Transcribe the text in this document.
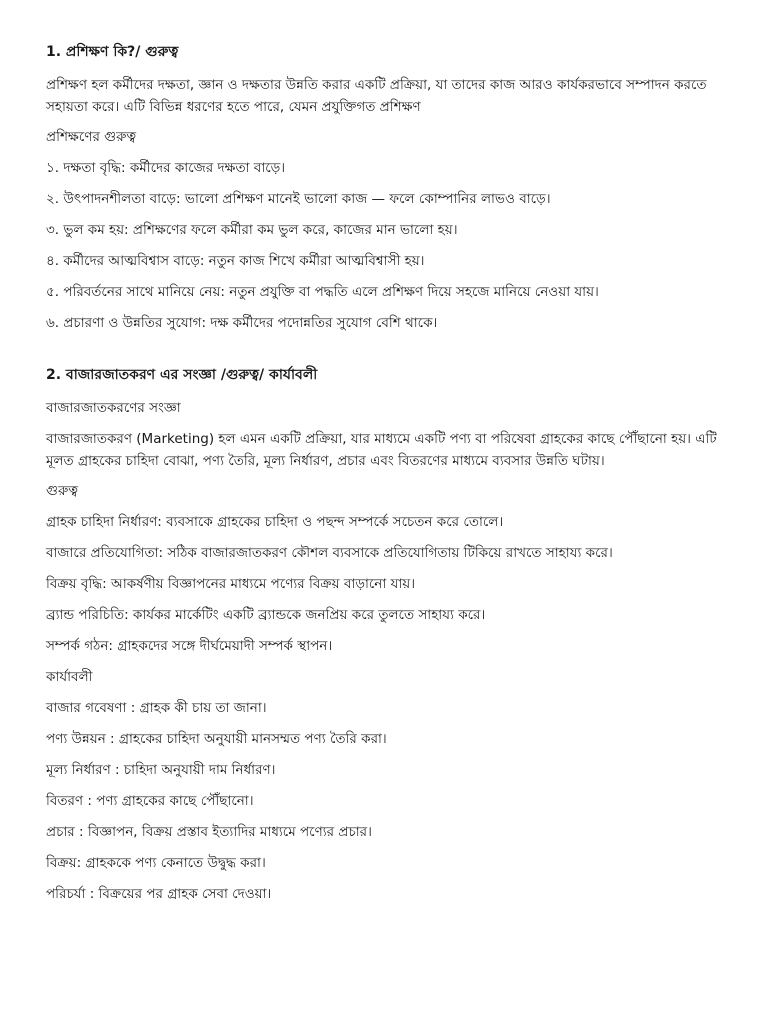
1. প্রশিক্ষণ কি?/ গুরুত্ব
প্রশিক্ষণ হল কর্মীদের দক্ষতা, জ্ঞান ও দক্ষতার উন্নতি করার একটি প্রক্রিয়া, যা তাদের কাজ আরও কার্যকরভাবে সম্পাদন করতে সহায়তা করে। এটি বিভিন্ন ধরণের হতে পারে, যেমন প্রযুক্তিগত প্রশিক্ষণ
প্রশিক্ষণের গুরুত্ব
১. দক্ষতা বৃদ্ধি: কর্মীদের কাজের দক্ষতা বাড়ে।
২. উৎপাদনশীলতা বাড়ে: ভালো প্রশিক্ষণ মানেই ভালো কাজ — ফলে কোম্পানির লাভও বাড়ে।
৩. ভুল কম হয়: প্রশিক্ষণের ফলে কর্মীরা কম ভুল করে, কাজের মান ভালো হয়।
৪. কর্মীদের আত্মবিশ্বাস বাড়ে: নতুন কাজ শিখে কর্মীরা আত্মবিশ্বাসী হয়।
৫. পরিবর্তনের সাথে মানিয়ে নেয়: নতুন প্রযুক্তি বা পদ্ধতি এলে প্রশিক্ষণ দিয়ে সহজে মানিয়ে নেওয়া যায়।
৬. প্রচারণা ও উন্নতির সুযোগ: দক্ষ কর্মীদের পদোন্নতির সুযোগ বেশি থাকে।
2. বাজারজাতকরণ এর সংজ্ঞা /গুরুত্ব/ কার্যাবলী
বাজারজাতকরণের সংজ্ঞা
বাজারজাতকরণ (Marketing) হল এমন একটি প্রক্রিয়া, যার মাধ্যমে একটি পণ্য বা পরিষেবা গ্রাহকের কাছে পৌঁছানো হয়। এটি মূলত গ্রাহকের চাহিদা বোঝা, পণ্য তৈরি, মূল্য নির্ধারণ, প্রচার এবং বিতরণের মাধ্যমে ব্যবসার উন্নতি ঘটায়।
গুরুত্ব
গ্রাহক চাহিদা নির্ধারণ: ব্যবসাকে গ্রাহকের চাহিদা ও পছন্দ সম্পর্কে সচেতন করে তোলে।
বাজারে প্রতিযোগিতা: সঠিক বাজারজাতকরণ কৌশল ব্যবসাকে প্রতিযোগিতায় টিকিয়ে রাখতে সাহায্য করে।
বিক্রয় বৃদ্ধি: আকর্ষণীয় বিজ্ঞাপনের মাধ্যমে পণ্যের বিক্রয় বাড়ানো যায়।
ব্র্যান্ড পরিচিতি: কার্যকর মার্কেটিং একটি ব্র্যান্ডকে জনপ্রিয় করে তুলতে সাহায্য করে।
সম্পর্ক গঠন: গ্রাহকদের সঙ্গে দীর্ঘমেয়াদী সম্পর্ক স্থাপন।
কার্যাবলী
বাজার গবেষণা : গ্রাহক কী চায় তা জানা।
পণ্য উন্নয়ন : গ্রাহকের চাহিদা অনুযায়ী মানসম্মত পণ্য তৈরি করা।
মূল্য নির্ধারণ : চাহিদা অনুযায়ী দাম নির্ধারণ।
বিতরণ : পণ্য গ্রাহকের কাছে পৌঁছানো।
প্রচার : বিজ্ঞাপন, বিক্রয় প্রস্তাব ইত্যাদির মাধ্যমে পণ্যের প্রচার।
বিক্রয়: গ্রাহককে পণ্য কেনাতে উদ্বুদ্ধ করা।
পরিচর্যা : বিক্রয়ের পর গ্রাহক সেবা দেওয়া।
